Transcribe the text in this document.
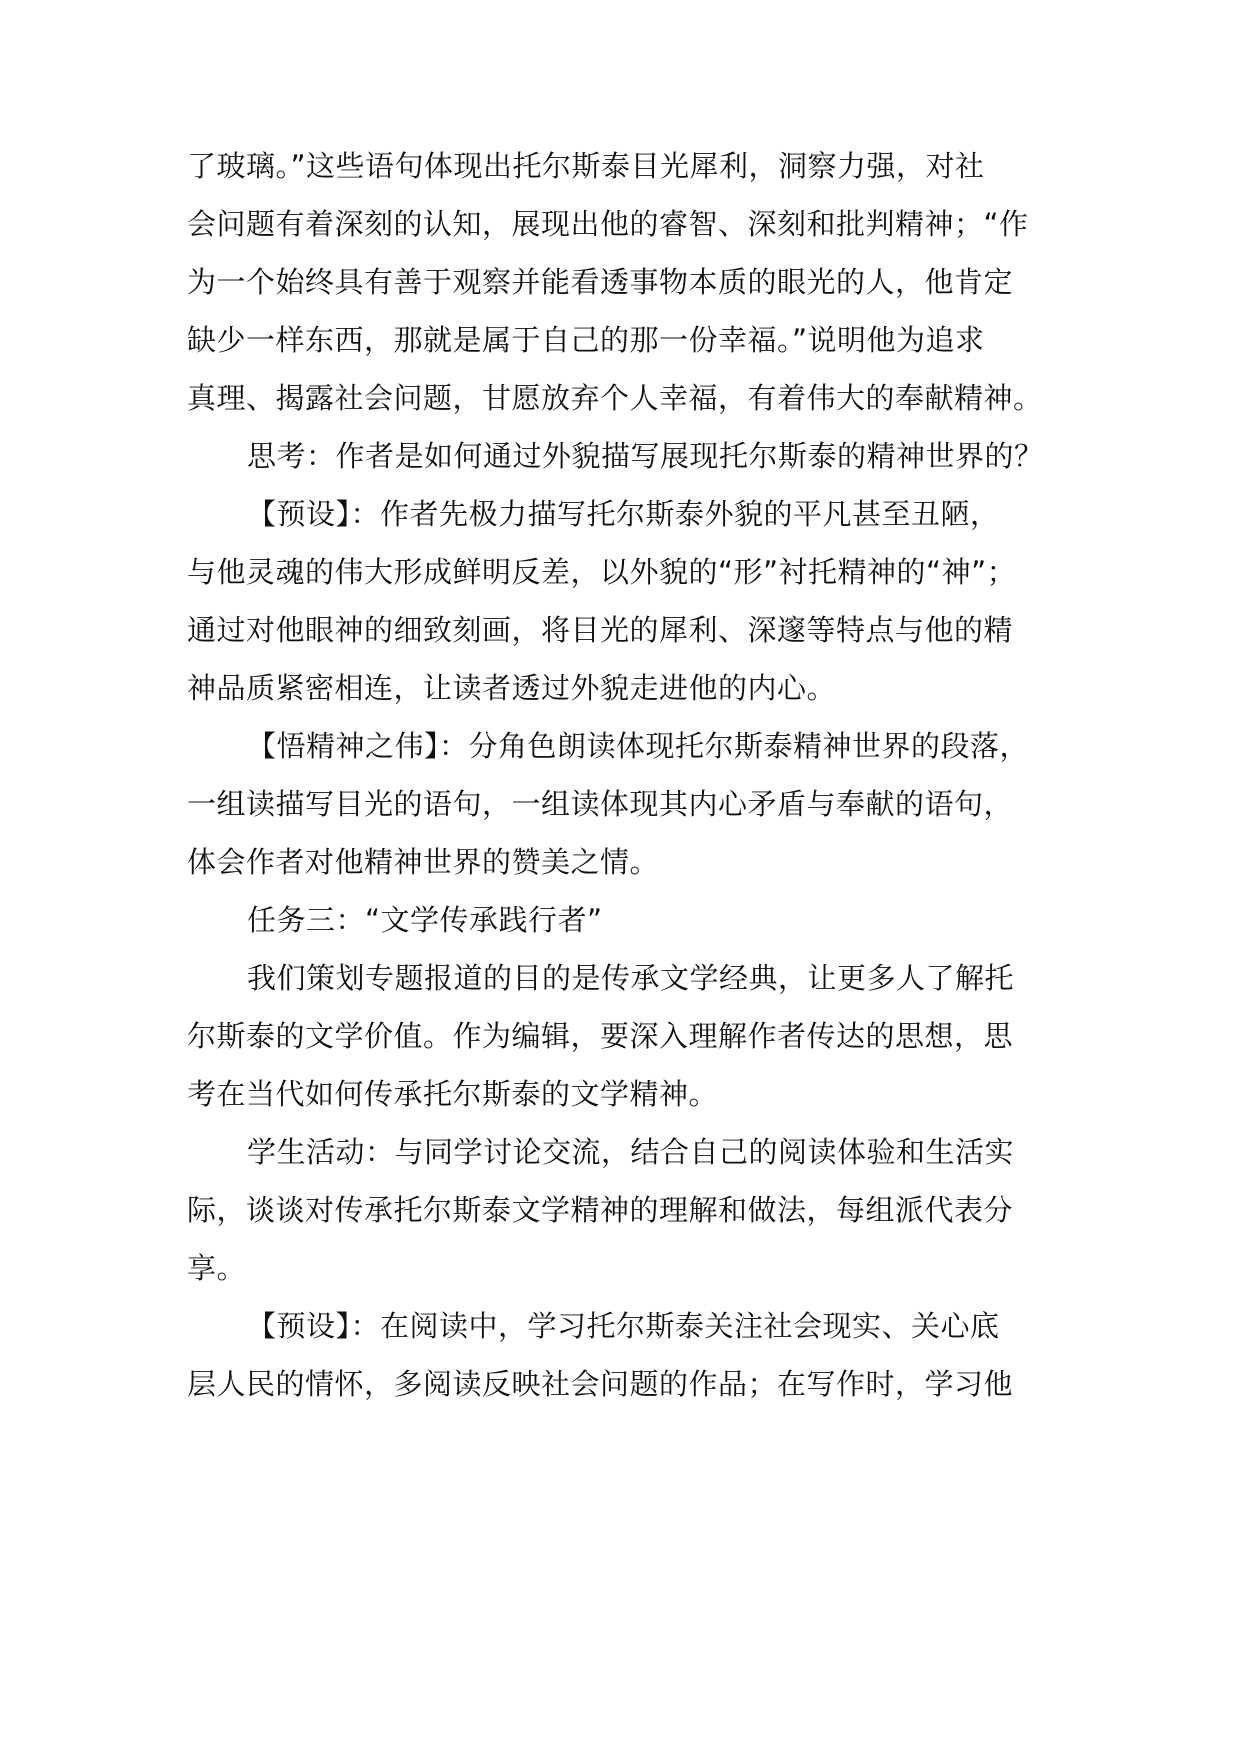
了玻璃。”这些语句体现出托尔斯泰目光犀利，洞察力强，对社
会问题有着深刻的认知，展现出他的睿智、深刻和批判精神；“作
为一个始终具有善于观察并能看透事物本质的眼光的人，他肯定
缺少一样东西，那就是属于自己的那一份幸福。”说明他为追求
真理、揭露社会问题，甘愿放弃个人幸福，有着伟大的奉献精神。
思考：作者是如何通过外貌描写展现托尔斯泰的精神世界的？
【预设】：作者先极力描写托尔斯泰外貌的平凡甚至丑陋，
与他灵魂的伟大形成鲜明反差，以外貌的“形”衬托精神的“神”；
通过对他眼神的细致刻画，将目光的犀利、深邃等特点与他的精
神品质紧密相连，让读者透过外貌走进他的内心。
【悟精神之伟】：分角色朗读体现托尔斯泰精神世界的段落，
一组读描写目光的语句，一组读体现其内心矛盾与奉献的语句，
体会作者对他精神世界的赞美之情。
任务三：“文学传承践行者”
我们策划专题报道的目的是传承文学经典，让更多人了解托
尔斯泰的文学价值。作为编辑，要深入理解作者传达的思想，思
考在当代如何传承托尔斯泰的文学精神。
学生活动：与同学讨论交流，结合自己的阅读体验和生活实
际，谈谈对传承托尔斯泰文学精神的理解和做法，每组派代表分
享。
【预设】：在阅读中，学习托尔斯泰关注社会现实、关心底
层人民的情怀，多阅读反映社会问题的作品；在写作时，学习他
